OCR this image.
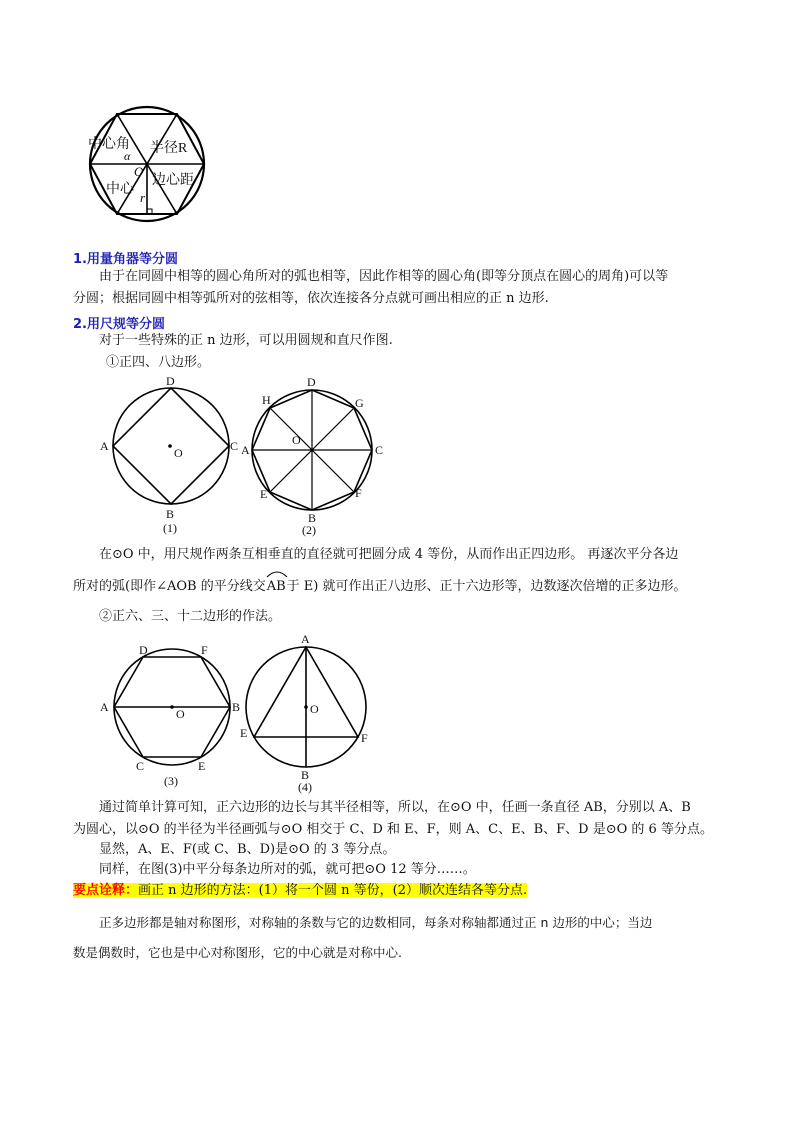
中心角 半径R
α
O
中心
边心距
r
1.用量角器等分圆
由于在同圆中相等的圆心角所对的弧也相等，因此作相等的圆心角(即等分顶点在圆心的周角)可以等
分圆；根据同圆中相等弧所对的弦相等，依次连接各分点就可画出相应的正 n 边形.
2.用尺规等分圆
对于一些特殊的正 n 边形，可以用圆规和直尺作图.
①正四、八边形。
D
A	C
O
B
(1)
D
H	G
A	C
O
E	F
B
(2)
在⊙O 中，用尺规作两条互相垂直的直径就可把圆分成 4 等份，从而作出正四边形。 再逐次平分各边
所对的弧(即作∠AOB 的平分线交AB
于 E) 就可作出正八边形、正十六边形等，边数逐次倍增的正多边形。
②正六、三、十二边形的作法。
D	F
A	B
O
C	E
(3)
A
O
E	F
B
(4)
通过简单计算可知，正六边形的边长与其半径相等，所以，在⊙O 中，任画一条直径 AB，分别以 A、B
为圆心，以⊙O 的半径为半径画弧与⊙O 相交于 C、D 和 E、F，则 A、C、E、B、F、D 是⊙O 的 6 等分点。
显然，A、E、F(或 C、B、D)是⊙O 的 3 等分点。
同样，在图(3)中平分每条边所对的弧，就可把⊙O 12 等分……。
要点诠释：画正 n 边形的方法：(1）将一个圆 n 等份，(2）顺次连结各等分点.
正多边形都是轴对称图形，对称轴的条数与它的边数相同，每条对称轴都通过正 n 边形的中心；当边
数是偶数时，它也是中心对称图形，它的中心就是对称中心.
